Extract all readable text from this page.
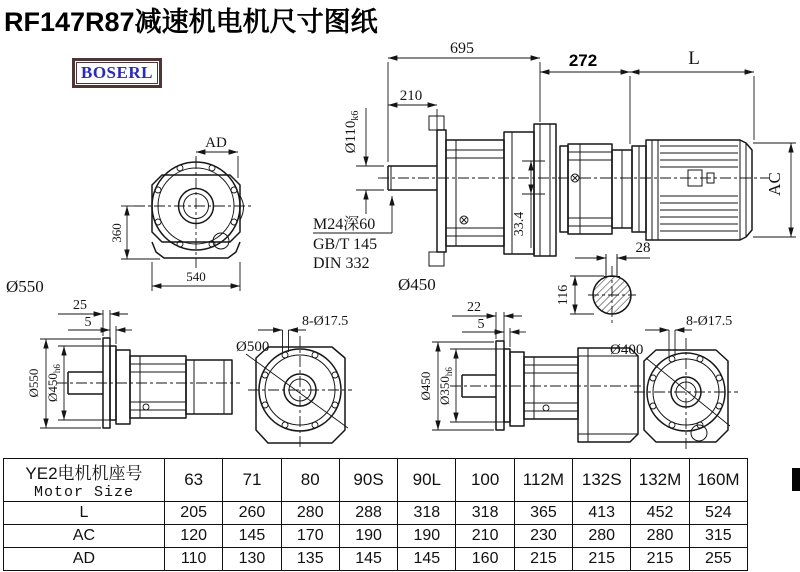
RF147R87减速机电机尺寸图纸
BOSERL
AD
360
540
Ø550
695
210
$Ø110_{k6}$
M24深60
GB/T 145
DIN 332
33.4
Ø450
272	L
AC
28
116
25
5
Ø550 $Ø450_{h6}$
8-Ø17.5
Ø500
22
5
Ø450 $Ø350_{h6}$
8-Ø17.5
Ø400
YE2电机机座号
Motor Size	63	71	80	90S	90L	100	112M	132S	132M	160M
L	205	260	280	288	318	318	365	413	452	524
AC	120	145	170	190	190	210	230	280	280	315
AD	110	130	135	145	145	160	215	215	215	255
